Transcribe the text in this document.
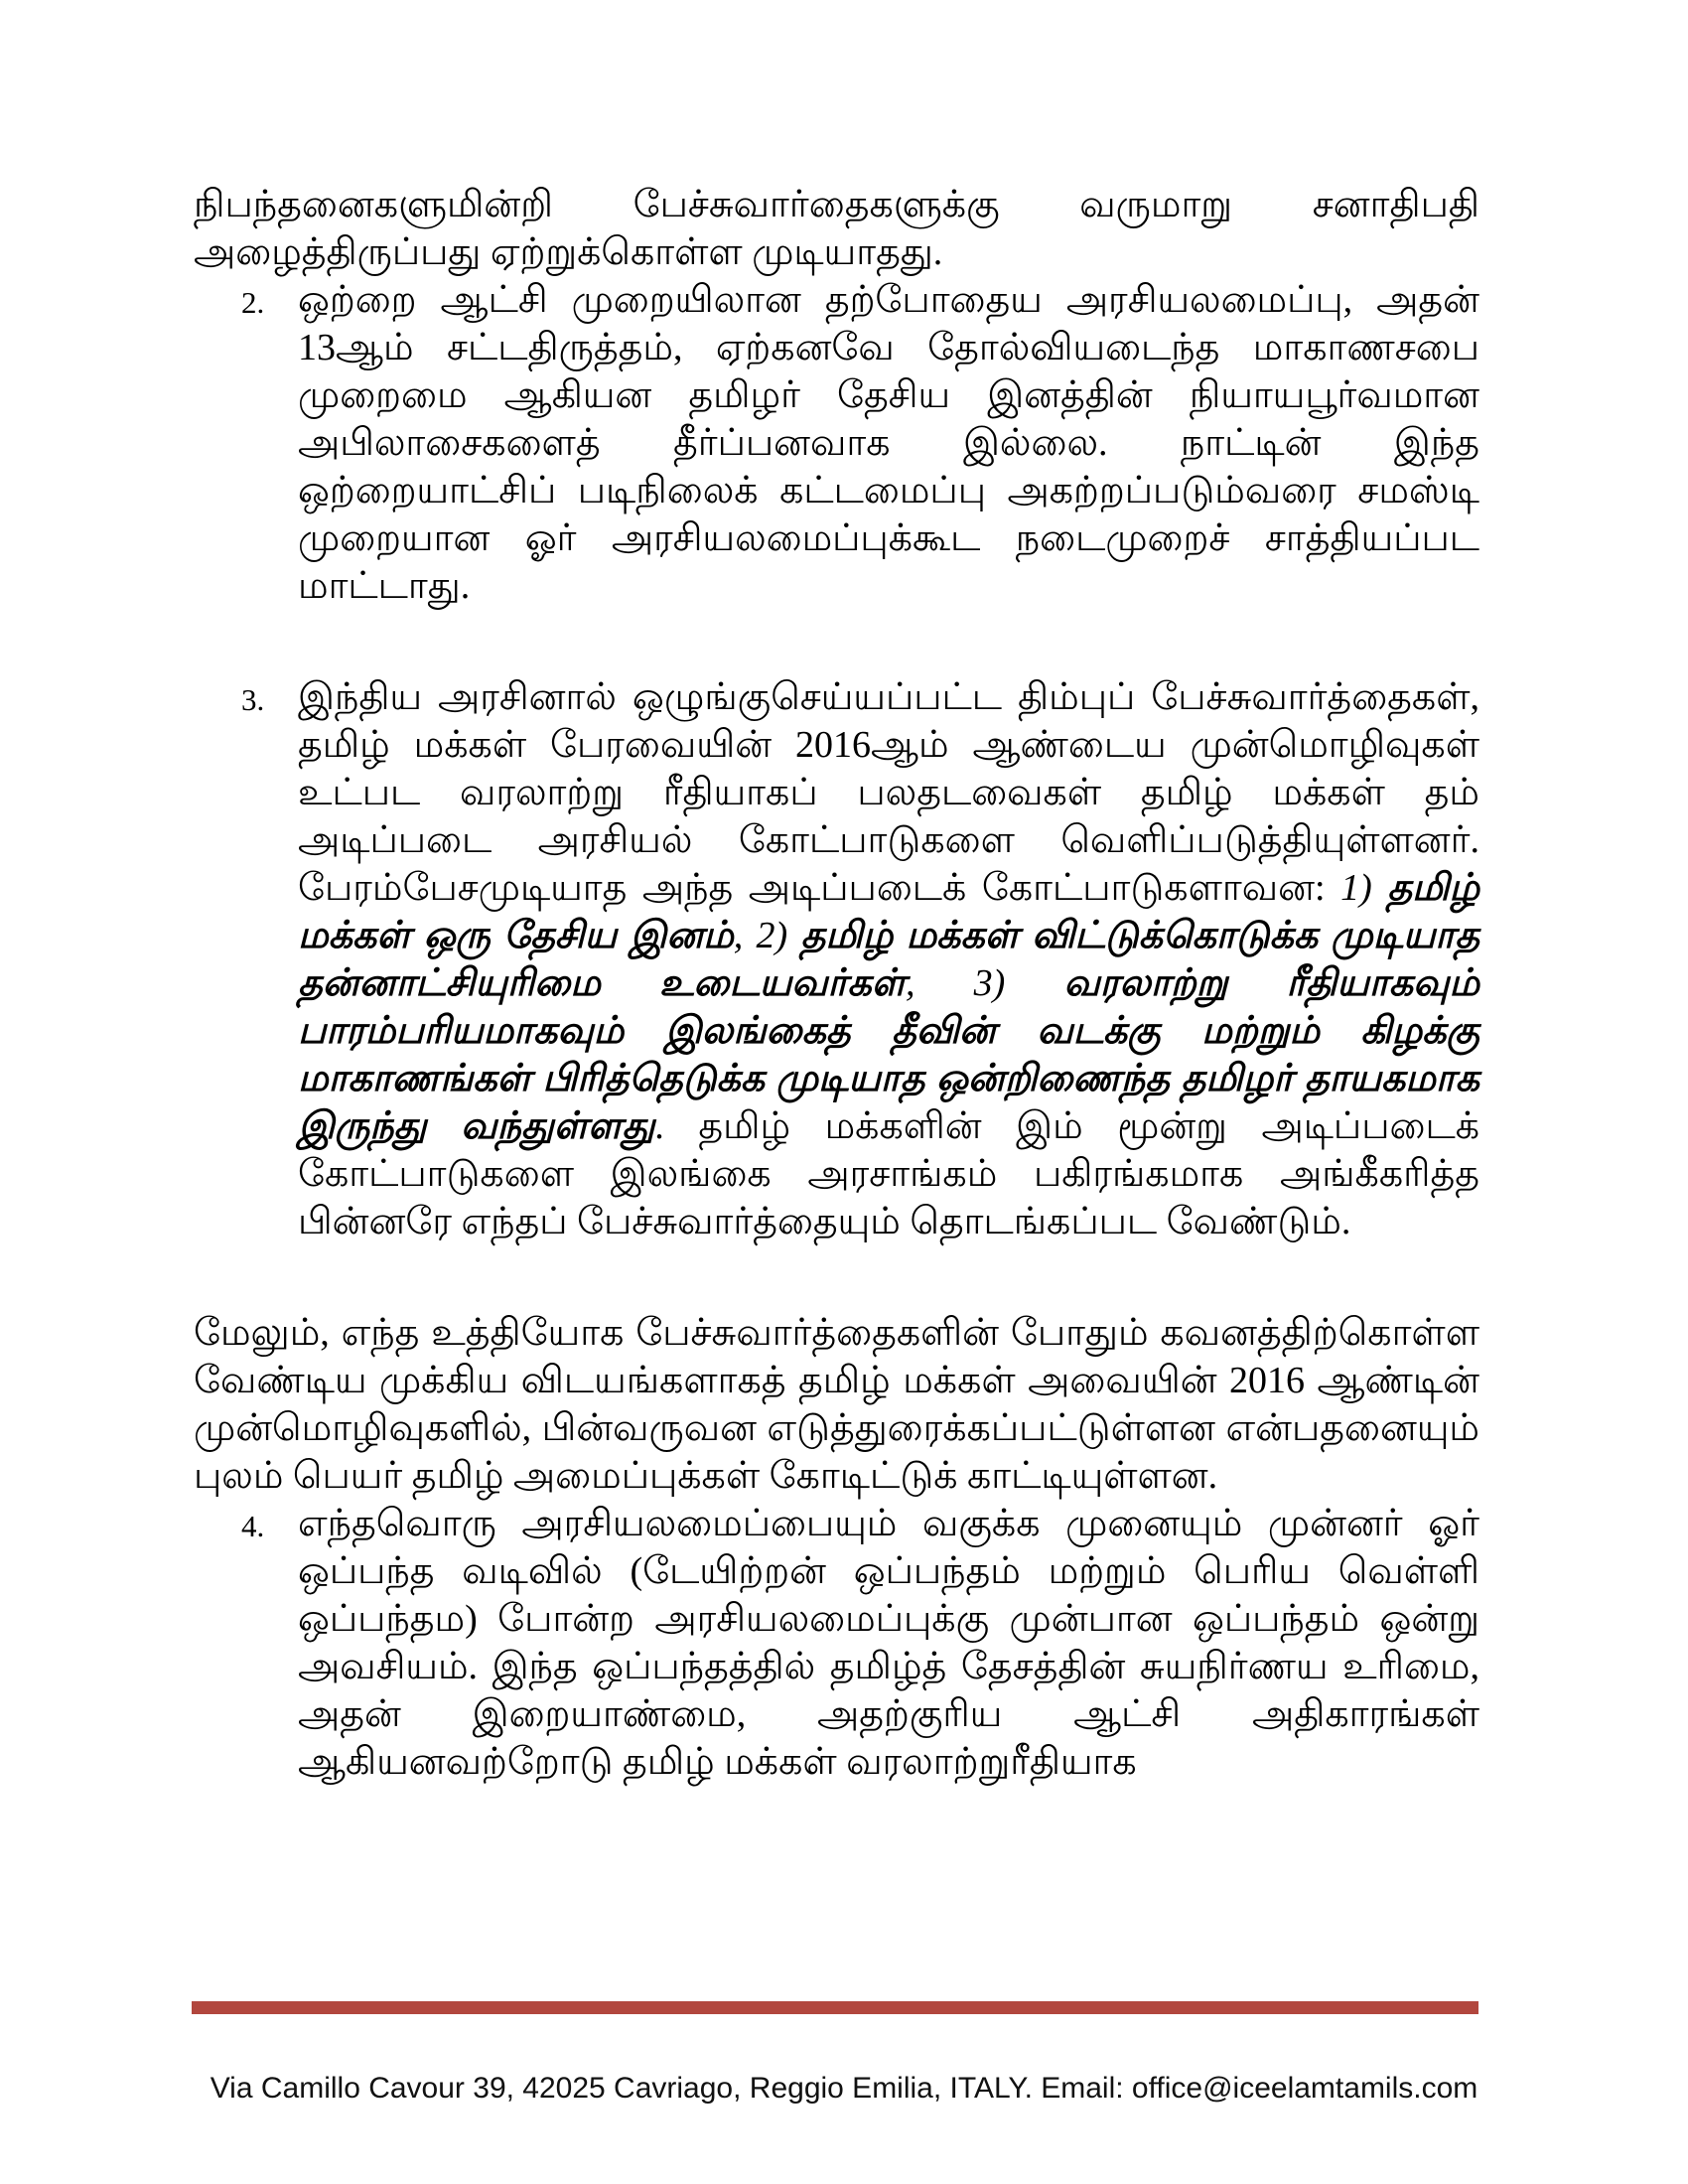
நிபந்தனைகளுமின்றி பேச்சுவார்தைகளுக்கு வருமாறு சனாதிபதி அழைத்திருப்பது ஏற்றுக்கொள்ள முடியாதது.

2. ஒற்றை ஆட்சி முறையிலான தற்போதைய அரசியலமைப்பு, அதன் 13ஆம் சட்டதிருத்தம், ஏற்கனவே தோல்வியடைந்த மாகாணசபை முறைமை ஆகியன தமிழர் தேசிய இனத்தின் நியாயபூர்வமான அபிலாசைகளைத் தீர்ப்பனவாக இல்லை. நாட்டின் இந்த ஒற்றையாட்சிப் படிநிலைக் கட்டமைப்பு அகற்றப்படும்வரை சமஸ்டி முறையான ஓர் அரசியலமைப்புக்கூட நடைமுறைச் சாத்தியப்பட மாட்டாது.

3. இந்திய அரசினால் ஒழுங்குசெய்யப்பட்ட திம்புப் பேச்சுவார்த்தைகள், தமிழ் மக்கள் பேரவையின் 2016ஆம் ஆண்டைய முன்மொழிவுகள் உட்பட வரலாற்று ரீதியாகப் பலதடவைகள் தமிழ் மக்கள் தம் அடிப்படை அரசியல் கோட்பாடுகளை வெளிப்படுத்தியுள்ளனர். பேரம்பேசமுடியாத அந்த அடிப்படைக் கோட்பாடுகளாவன: 1) தமிழ் மக்கள் ஒரு தேசிய இனம், 2) தமிழ் மக்கள் விட்டுக்கொடுக்க முடியாத தன்னாட்சியுரிமை உடையவர்கள், 3) வரலாற்று ரீதியாகவும் பாரம்பரியமாகவும் இலங்கைத் தீவின் வடக்கு மற்றும் கிழக்கு மாகாணங்கள் பிரித்தெடுக்க முடியாத ஒன்றிணைந்த தமிழர் தாயகமாக இருந்து வந்துள்ளது. தமிழ் மக்களின் இம் மூன்று அடிப்படைக் கோட்பாடுகளை இலங்கை அரசாங்கம் பகிரங்கமாக அங்கீகரித்த பின்னரே எந்தப் பேச்சுவார்த்தையும் தொடங்கப்பட வேண்டும்.

மேலும், எந்த உத்தியோக பேச்சுவார்த்தைகளின் போதும் கவனத்திற்கொள்ள வேண்டிய முக்கிய விடயங்களாகத் தமிழ் மக்கள் அவையின் 2016 ஆண்டின் முன்மொழிவுகளில், பின்வருவன எடுத்துரைக்கப்பட்டுள்ளன என்பதனையும் புலம் பெயர் தமிழ் அமைப்புக்கள் கோடிட்டுக் காட்டியுள்ளன.

4. எந்தவொரு அரசியலமைப்பையும் வகுக்க முனையும் முன்னர் ஓர் ஒப்பந்த வடிவில் (டேயிற்றன் ஒப்பந்தம் மற்றும் பெரிய வெள்ளி ஒப்பந்தம) போன்ற அரசியலமைப்புக்கு முன்பான ஒப்பந்தம் ஒன்று அவசியம். இந்த ஒப்பந்தத்தில் தமிழ்த் தேசத்தின் சுயநிர்ணய உரிமை, அதன் இறையாண்மை, அதற்குரிய ஆட்சி அதிகாரங்கள் ஆகியனவற்றோடு தமிழ் மக்கள் வரலாற்றுரீதியாக

Via Camillo Cavour 39, 42025 Cavriago, Reggio Emilia, ITALY. Email: office@iceelamtamils.com
